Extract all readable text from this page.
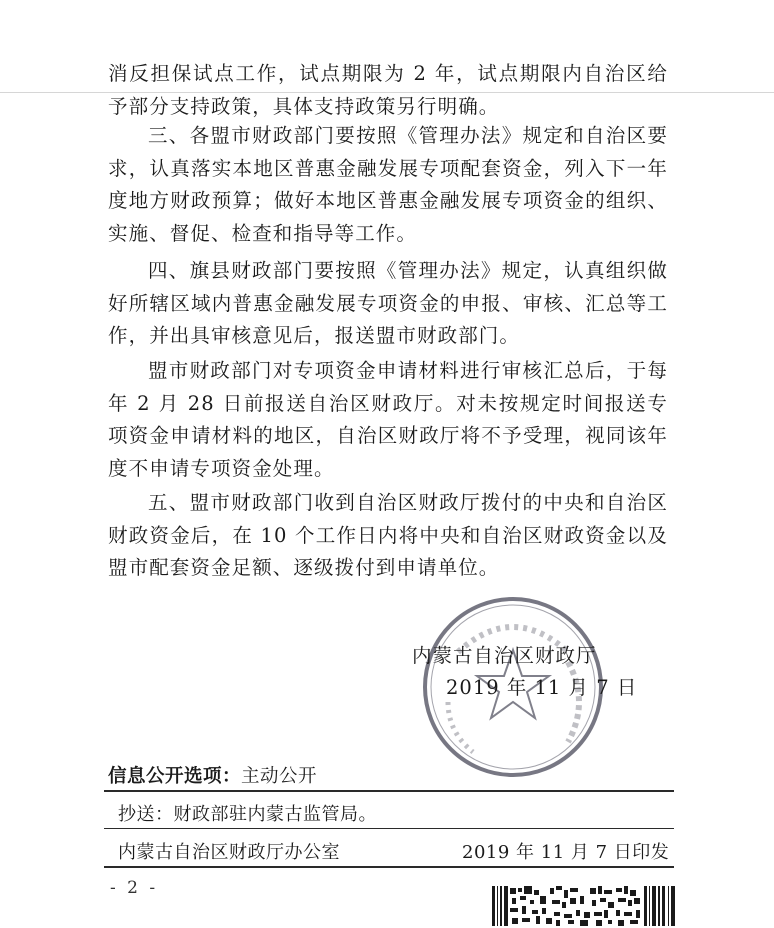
消反担保试点工作，试点期限为 2 年，试点期限内自治区给予部分支持政策，具体支持政策另行明确。

三、各盟市财政部门要按照《管理办法》规定和自治区要求，认真落实本地区普惠金融发展专项配套资金，列入下一年度地方财政预算；做好本地区普惠金融发展专项资金的组织、实施、督促、检查和指导等工作。

四、旗县财政部门要按照《管理办法》规定，认真组织做好所辖区域内普惠金融发展专项资金的申报、审核、汇总等工作，并出具审核意见后，报送盟市财政部门。

盟市财政部门对专项资金申请材料进行审核汇总后，于每年 2 月 28 日前报送自治区财政厅。对未按规定时间报送专项资金申请材料的地区，自治区财政厅将不予受理，视同该年度不申请专项资金处理。

五、盟市财政部门收到自治区财政厅拨付的中央和自治区财政资金后，在 10 个工作日内将中央和自治区财政资金以及盟市配套资金足额、逐级拨付到申请单位。

内蒙古自治区财政厅
2019 年 11 月 7 日
信息公开选项：主动公开
抄送：财政部驻内蒙古监管局。
内蒙古自治区财政厅办公室	2019 年 11 月 7 日印发
- 2 -
